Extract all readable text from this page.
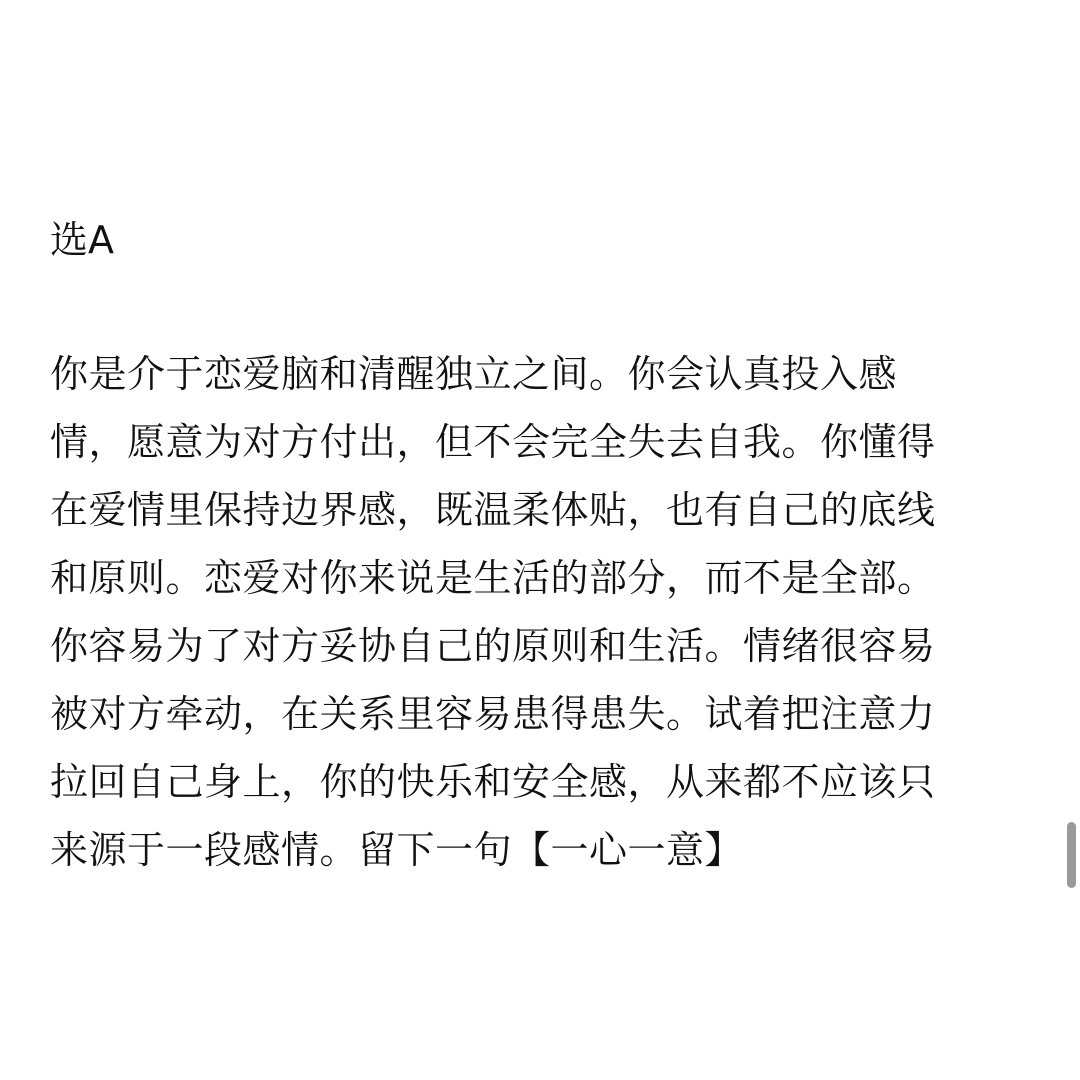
选A
你是介于恋爱脑和清醒独立之间。你会认真投入感
情，愿意为对方付出，但不会完全失去自我。你懂得
在爱情里保持边界感，既温柔体贴，也有自己的底线
和原则。恋爱对你来说是生活的部分，而不是全部。
你容易为了对方妥协自己的原则和生活。情绪很容易
被对方牵动，在关系里容易患得患失。试着把注意力
拉回自己身上，你的快乐和安全感，从来都不应该只
来源于一段感情。留下一句【一心一意】
